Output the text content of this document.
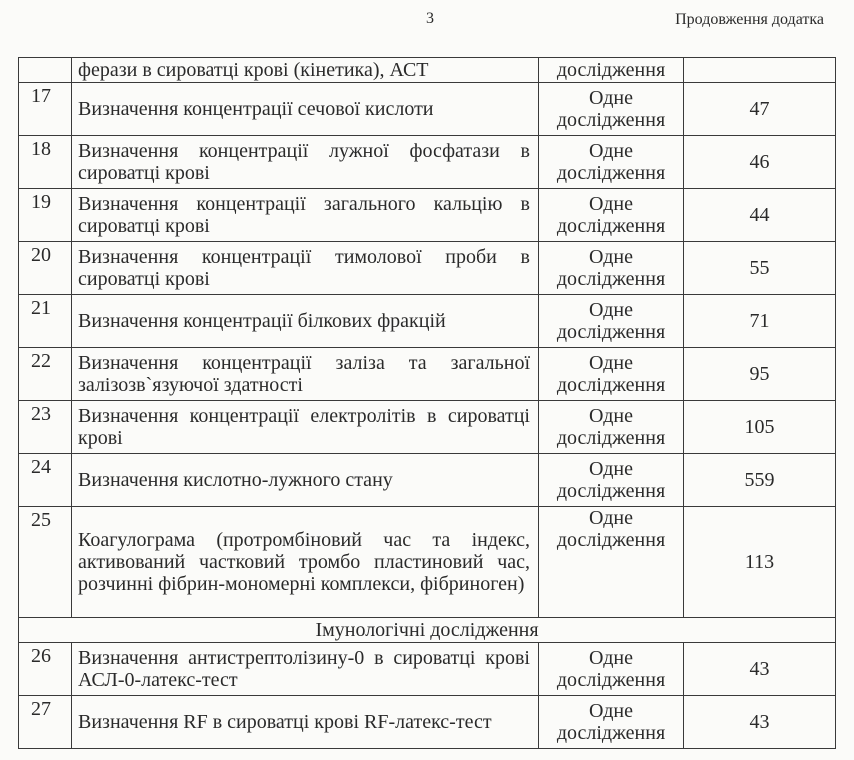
3	Продовження додатка
	ферази в сироватці крові (кінетика), АСТ	дослідження	
17	Визначення концентрації сечової кислоти	Одне дослідження	47
18	Визначення концентрації лужної фосфатази в сироватці крові	Одне дослідження	46
19	Визначення концентрації загального кальцію в сироватці крові	Одне дослідження	44
20	Визначення концентрації тимолової проби в сироватці крові	Одне дослідження	55
21	Визначення концентрації білкових фракцій	Одне дослідження	71
22	Визначення концентрації заліза та загальної залізозв`язуючої здатності	Одне дослідження	95
23	Визначення концентрації електролітів в сироватці крові	Одне дослідження	105
24	Визначення кислотно-лужного стану	Одне дослідження	559
25	Коагулограма (протромбіновий час та індекс, активований частковий тромбо пластиновий час, розчинні фібрин-мономерні комплекси, фібриноген)	Одне дослідження	113
Імунологічні дослідження			
26	Визначення антистрептолізину-0 в сироватці крові АСЛ-0-латекс-тест	Одне дослідження	43
27	Визначення RF в сироватці крові RF-латекс-тест	Одне дослідження	43
